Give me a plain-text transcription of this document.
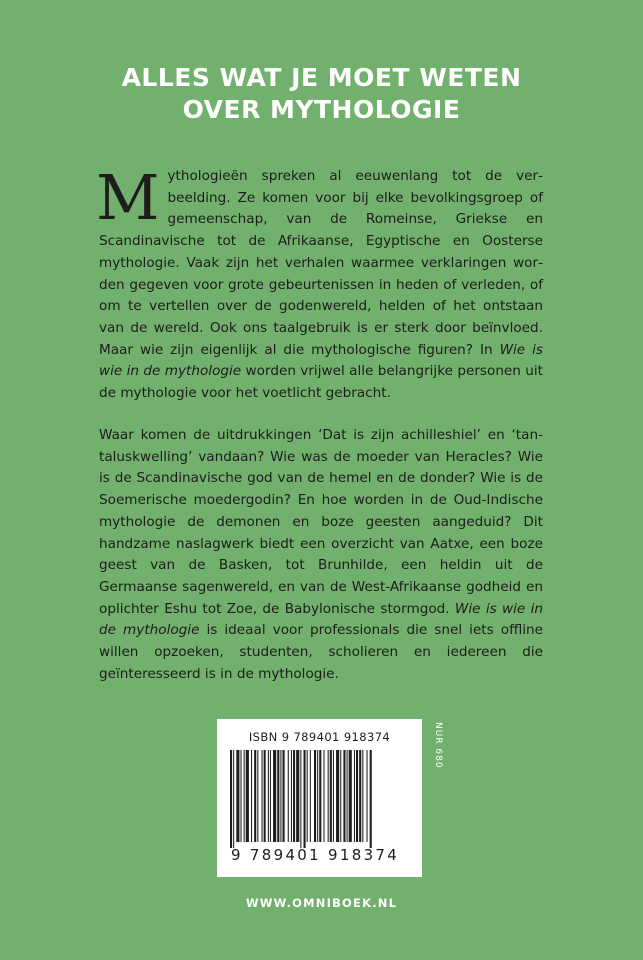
ALLES WAT JE MOET WETEN
OVER MYTHOLOGIE
Mythologieën spreken al eeuwenlang tot de verbeelding. Ze komen voor bij elke bevolkingsgroep of gemeenschap, van de Romeinse, Griekse en Scandinavische tot de Afrikaanse, Egyptische en Oosterse mythologie. Vaak zijn het verhalen waarmee verklaringen worden gegeven voor grote gebeurtenissen in heden of verleden, of om te vertellen over de godenwereld, helden of het ontstaan van de wereld. Ook ons taalgebruik is er sterk door beïnvloed. Maar wie zijn eigenlijk al die mythologische figuren? In Wie is wie in de mythologie worden vrijwel alle belangrijke personen uit de mythologie voor het voetlicht gebracht.
Waar komen de uitdrukkingen ‘Dat is zijn achilleshiel’ en ‘tantaluskwelling’ vandaan? Wie was de moeder van Heracles? Wie is de Scandinavische god van de hemel en de donder? Wie is de Soemerische moedergodin? En hoe worden in de Oud-Indische mythologie de demonen en boze geesten aangeduid? Dit handzame naslagwerk biedt een overzicht van Aatxe, een boze geest van de Basken, tot Brunhilde, een heldin uit de Germaanse sagenwereld, en van de West-Afrikaanse godheid en oplichter Eshu tot Zoe, de Babylonische stormgod. Wie is wie in de mythologie is ideaal voor professionals die snel iets offline willen opzoeken, studenten, scholieren en iedereen die geïnteresseerd is in de mythologie.
ISBN 9 789401 918374
9 789401 918374
NUR 680
WWW.OMNIBOEK.NL
